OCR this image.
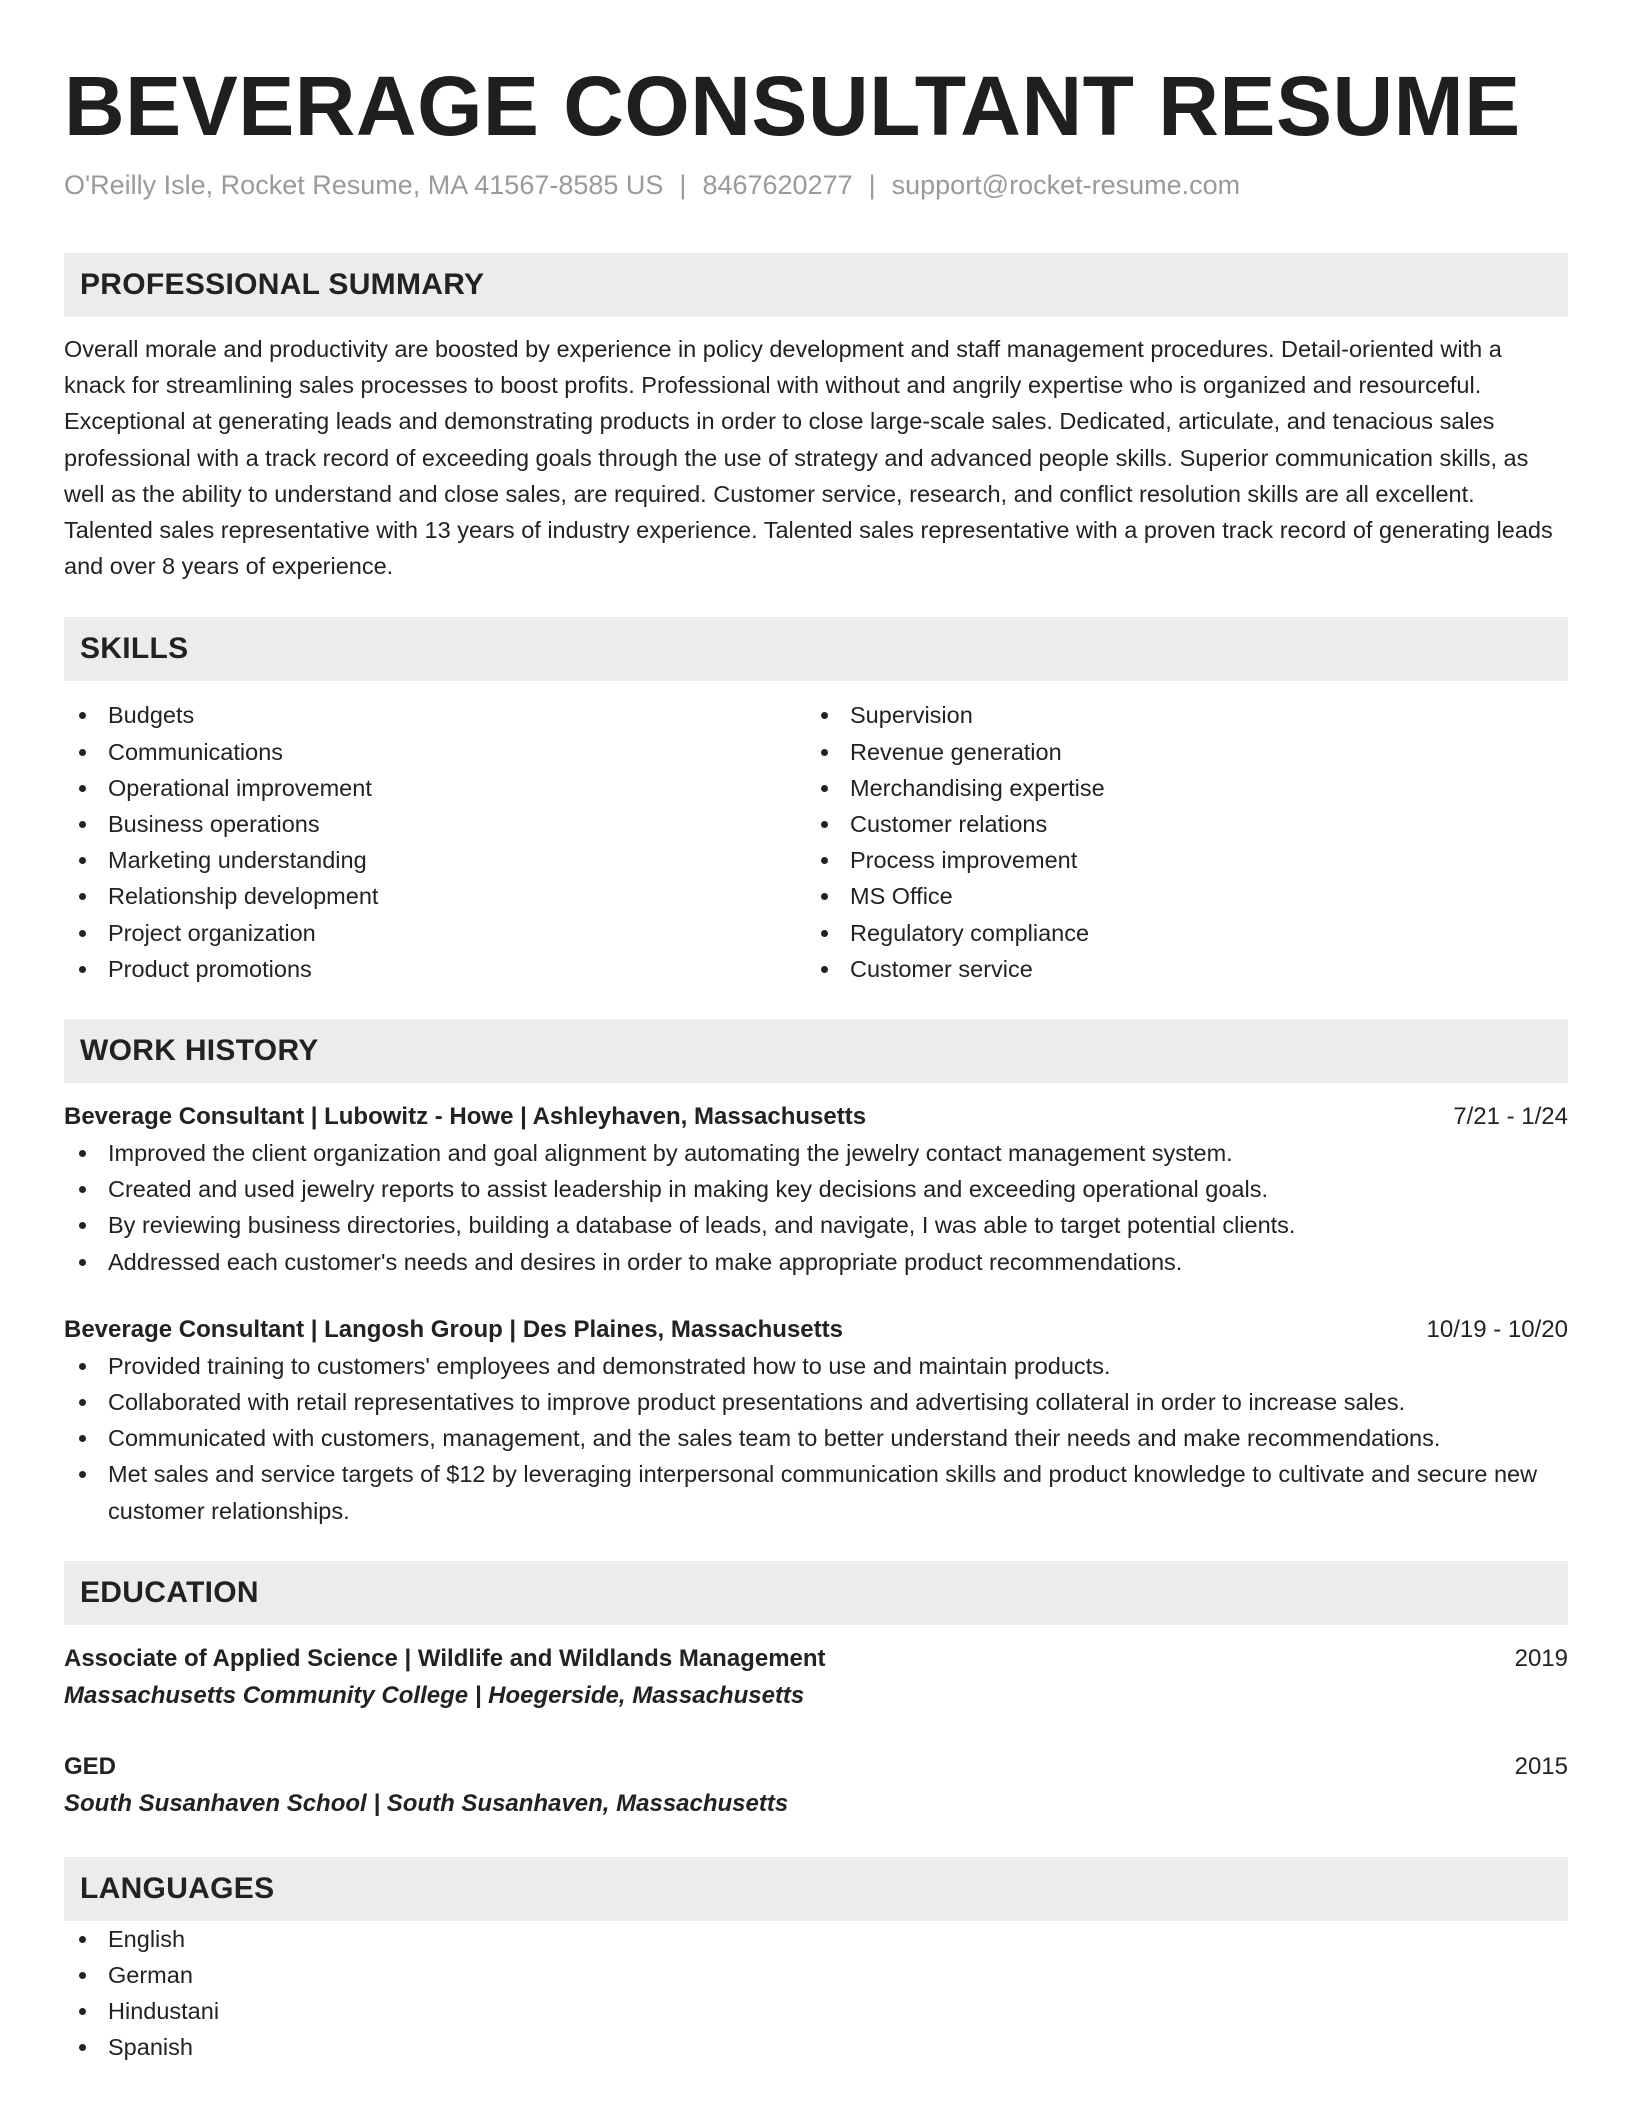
BEVERAGE CONSULTANT RESUME
O'Reilly Isle, Rocket Resume, MA 41567-8585 US | 8467620277 | support@rocket-resume.com
PROFESSIONAL SUMMARY
Overall morale and productivity are boosted by experience in policy development and staff management procedures. Detail-oriented with a knack for streamlining sales processes to boost profits. Professional with without and angrily expertise who is organized and resourceful. Exceptional at generating leads and demonstrating products in order to close large-scale sales. Dedicated, articulate, and tenacious sales professional with a track record of exceeding goals through the use of strategy and advanced people skills. Superior communication skills, as well as the ability to understand and close sales, are required. Customer service, research, and conflict resolution skills are all excellent. Talented sales representative with 13 years of industry experience. Talented sales representative with a proven track record of generating leads and over 8 years of experience.
SKILLS
Budgets
Communications
Operational improvement
Business operations
Marketing understanding
Relationship development
Project organization
Product promotions
Supervision
Revenue generation
Merchandising expertise
Customer relations
Process improvement
MS Office
Regulatory compliance
Customer service
WORK HISTORY
Beverage Consultant | Lubowitz - Howe | Ashleyhaven, Massachusetts	7/21 - 1/24
Improved the client organization and goal alignment by automating the jewelry contact management system.
Created and used jewelry reports to assist leadership in making key decisions and exceeding operational goals.
By reviewing business directories, building a database of leads, and navigate, I was able to target potential clients.
Addressed each customer's needs and desires in order to make appropriate product recommendations.
Beverage Consultant | Langosh Group | Des Plaines, Massachusetts	10/19 - 10/20
Provided training to customers' employees and demonstrated how to use and maintain products.
Collaborated with retail representatives to improve product presentations and advertising collateral in order to increase sales.
Communicated with customers, management, and the sales team to better understand their needs and make recommendations.
Met sales and service targets of $12 by leveraging interpersonal communication skills and product knowledge to cultivate and secure new customer relationships.
EDUCATION
Associate of Applied Science | Wildlife and Wildlands Management	2019
Massachusetts Community College | Hoegerside, Massachusetts
GED	2015
South Susanhaven School | South Susanhaven, Massachusetts
LANGUAGES
English
German
Hindustani
Spanish
